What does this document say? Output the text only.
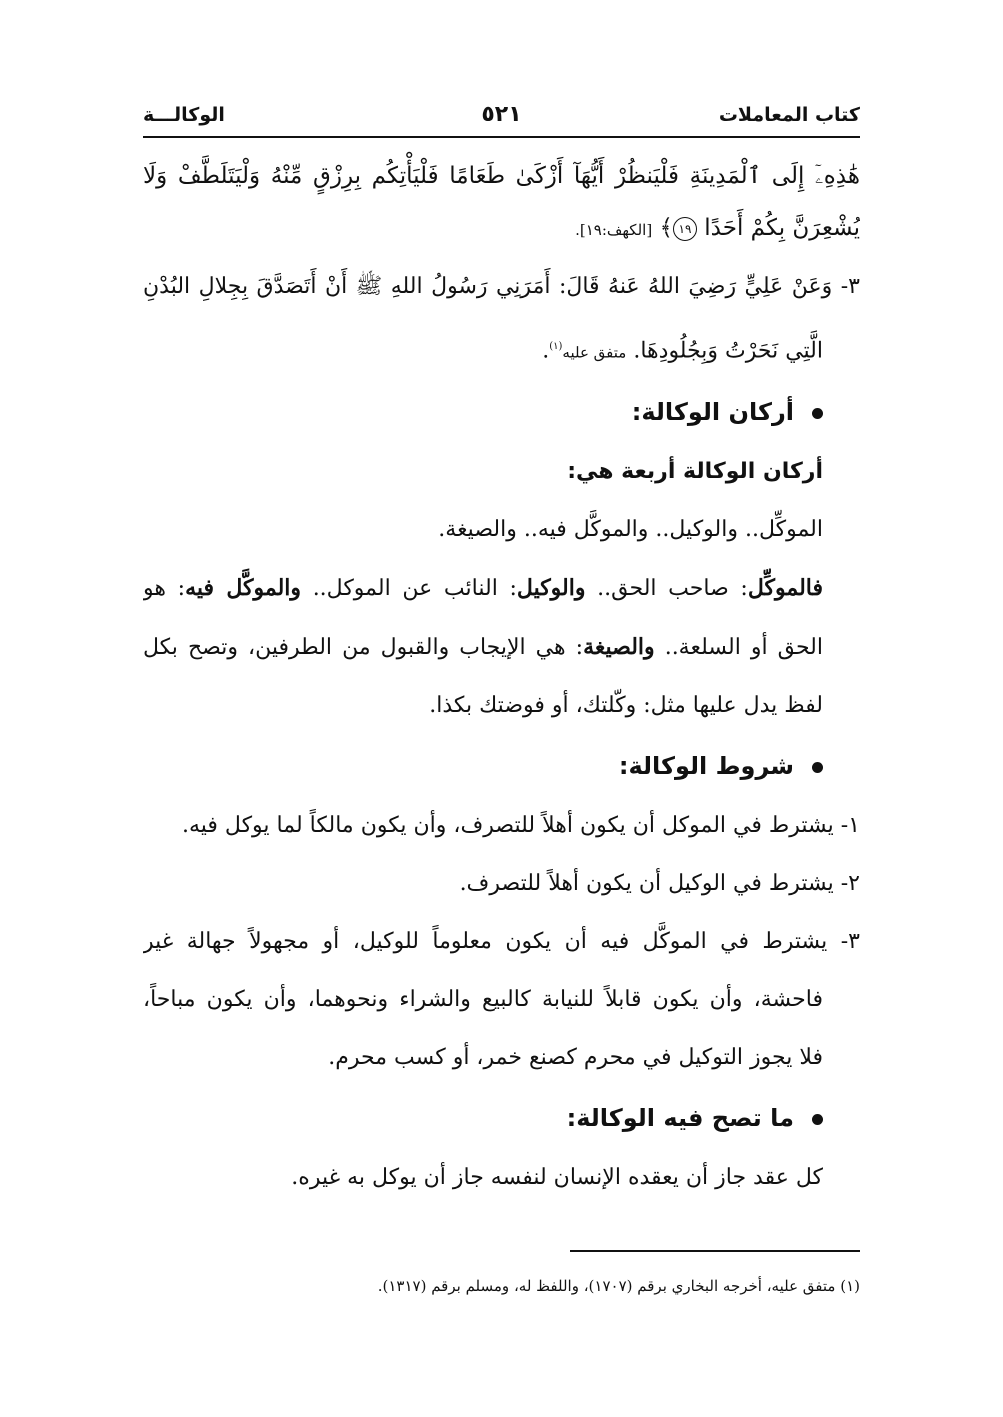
كتاب المعاملات
٥٢١
الوكالـــة
هَٰذِهِۦٓ إِلَى ٱلْمَدِينَةِ فَلْيَنظُرْ أَيُّهَآ أَزْكَىٰ طَعَامًا فَلْيَأْتِكُم بِرِزْقٍ مِّنْهُ وَلْيَتَلَطَّفْ وَلَا
يُشْعِرَنَّ بِكُمْ أَحَدًا ١٩﴾ [الكهف:١٩].
٣- وَعَنْ عَلِيٍّ رَضِيَ اللهُ عَنهُ قَالَ: أَمَرَنِي رَسُولُ اللهِ ﷺ أَنْ أَتَصَدَّقَ بِجِلالِ البُدْنِ
الَّتِي نَحَرْتُ وَبِجُلُودِهَا. متفق عليه$^{(١)}$.
أركان الوكالة:
أركان الوكالة أربعة هي:
الموكِّل.. والوكيل.. والموكَّل فيه.. والصيغة.
فالموكِّل: صاحب الحق.. والوكيل: النائب عن الموكل.. والموكَّل فيه: هو
الحق أو السلعة.. والصيغة: هي الإيجاب والقبول من الطرفين، وتصح بكل
لفظ يدل عليها مثل: وكّلتك، أو فوضتك بكذا.
شروط الوكالة:
١- يشترط في الموكل أن يكون أهلاً للتصرف، وأن يكون مالكاً لما يوكل فيه.
٢- يشترط في الوكيل أن يكون أهلاً للتصرف.
٣- يشترط في الموكَّل فيه أن يكون معلوماً للوكيل، أو مجهولاً جهالة غير
فاحشة، وأن يكون قابلاً للنيابة كالبيع والشراء ونحوهما، وأن يكون مباحاً،
فلا يجوز التوكيل في محرم كصنع خمر، أو كسب محرم.
ما تصح فيه الوكالة:
كل عقد جاز أن يعقده الإنسان لنفسه جاز أن يوكل به غيره.
(١) متفق عليه، أخرجه البخاري برقم (١٧٠٧)، واللفظ له، ومسلم برقم (١٣١٧).
